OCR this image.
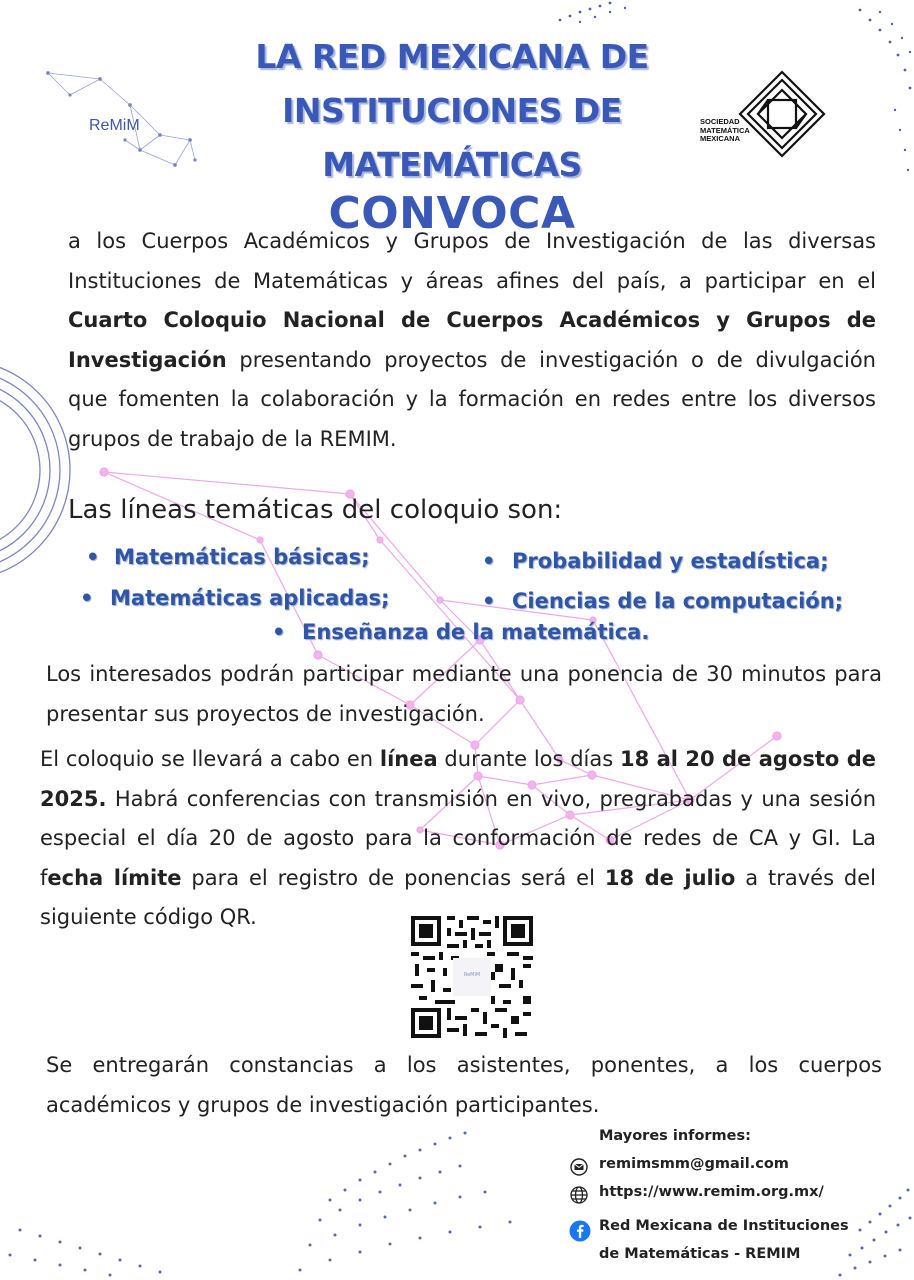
ReMiM
LA RED MEXICANA DE INSTITUCIONES DE MATEMÁTICAS
SOCIEDAD
MATEMÁTICA
MEXICANA
CONVOCA
a los Cuerpos Académicos y Grupos de Investigación de las diversas Instituciones de Matemáticas y áreas afines del país, a participar en el Cuarto Coloquio Nacional de Cuerpos Académicos y Grupos de Investigación presentando proyectos de investigación o de divulgación que fomenten la colaboración y la formación en redes entre los diversos grupos de trabajo de la REMIM.
Las líneas temáticas del coloquio son:
• Matemáticas básicas;	• Probabilidad y estadística;
• Matemáticas aplicadas;	• Ciencias de la computación;
• Enseñanza de la matemática.
Los interesados podrán participar mediante una ponencia de 30 minutos para presentar sus proyectos de investigación.
El coloquio se llevará a cabo en línea durante los días 18 al 20 de agosto de 2025. Habrá conferencias con transmisión en vivo, pregrabadas y una sesión especial el día 20 de agosto para la conformación de redes de CA y GI. La fecha límite para el registro de ponencias será el 18 de julio a través del siguiente código QR.
ReMiM
Se entregarán constancias a los asistentes, ponentes, a los cuerpos académicos y grupos de investigación participantes.
Mayores informes:
remimsmm@gmail.com
https://www.remim.org.mx/
Red Mexicana de Instituciones
de Matemáticas - REMIM
